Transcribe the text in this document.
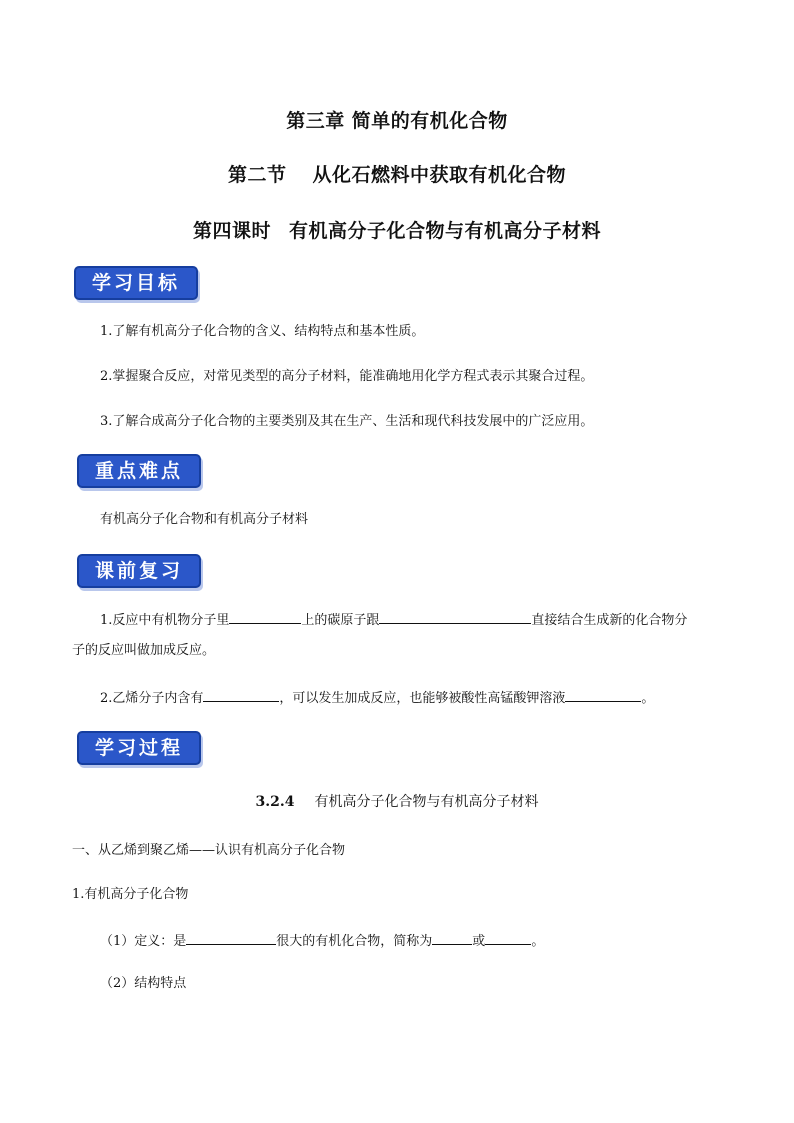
第三章 简单的有机化合物
第二节 从化石燃料中获取有机化合物
第四课时 有机高分子化合物与有机高分子材料
学习目标
1.了解有机高分子化合物的含义、结构特点和基本性质。
2.掌握聚合反应，对常见类型的高分子材料，能准确地用化学方程式表示其聚合过程。
3.了解合成高分子化合物的主要类别及其在生产、生活和现代科技发展中的广泛应用。
重点难点
有机高分子化合物和有机高分子材料
课前复习
1.反应中有机物分子里	上的碳原子跟	直接结合生成新的化合物分
子的反应叫做加成反应。
2.乙烯分子内含有	，可以发生加成反应，也能够被酸性高锰酸钾溶液	。
学习过程
3.2.4 有机高分子化合物与有机高分子材料
一、从乙烯到聚乙烯——认识有机高分子化合物
1.有机高分子化合物
（1）定义：是	很大的有机化合物，简称为	或	。
（2）结构特点
